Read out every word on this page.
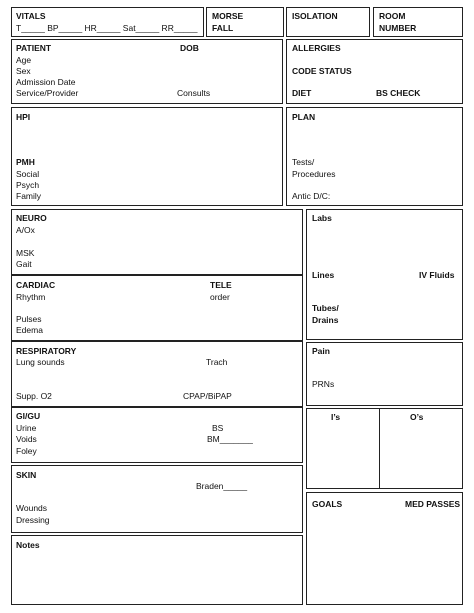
VITALS
T_____ BP_____ HR_____ Sat_____ RR_____
MORSE
FALL
ISOLATION	ROOM
NUMBER
PATIENT	DOB
Age
Sex
Admission Date
Service/Provider	Consults
ALLERGIES
CODE STATUS
DIET	BS CHECK
HPI
PMH
Social
Psych
Family
PLAN
Tests/
Procedures
Antic D/C:
NEURO
A/Ox
MSK
Gait
CARDIAC	TELE
Rhythm	order
Pulses
Edema
RESPIRATORY
Lung sounds	Trach
Supp. O2	CPAP/BiPAP
GI/GU
Urine	BS
Voids	BM_______
Foley
SKIN
Braden_____
Wounds
Dressing
Notes
Labs
Lines	IV Fluids
Tubes/
Drains
Pain
PRNs
I’s	O’s
GOALS	MED PASSES
